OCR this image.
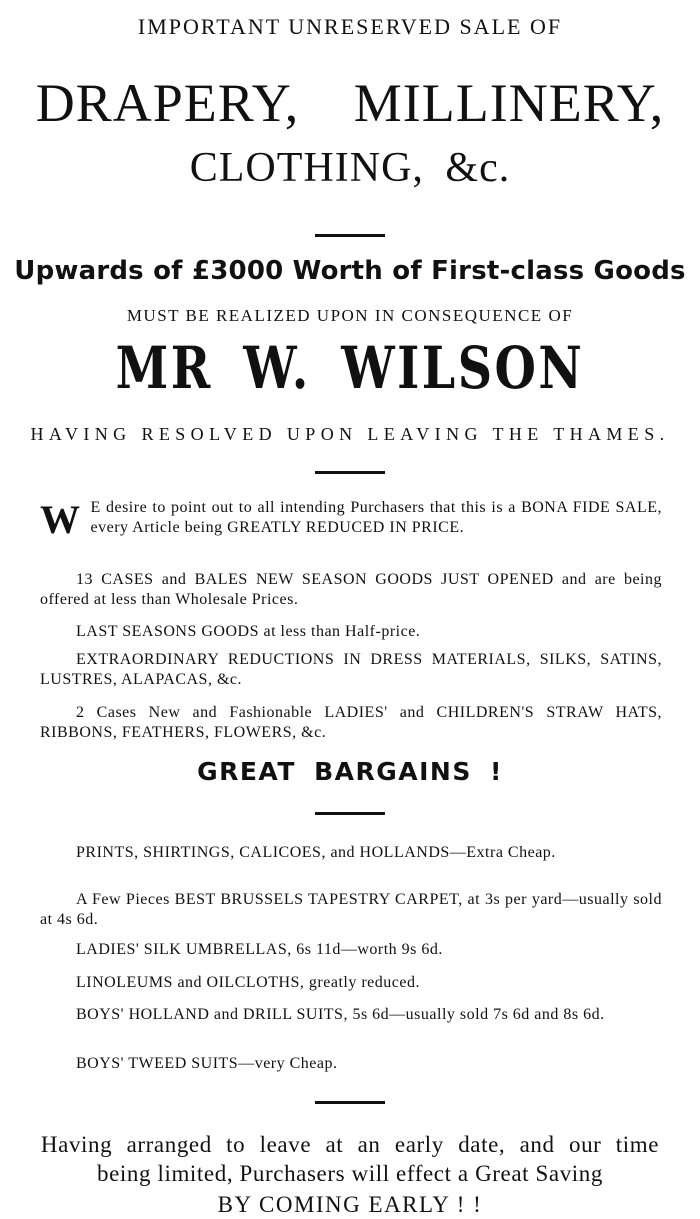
IMPORTANT UNRESERVED SALE OF
DRAPERY, MILLINERY,
CLOTHING, &c.
Upwards of £3000 Worth of First-class Goods
MUST BE REALIZED UPON IN CONSEQUENCE OF
MR W. WILSON
HAVING RESOLVED UPON LEAVING THE THAMES.
W E desire to point out to all intending Purchasers that this is a BONA FIDE SALE, every Article being GREATLY REDUCED IN PRICE.
13 CASES and BALES NEW SEASON GOODS JUST OPENED and are being offered at less than Wholesale Prices.
LAST SEASONS GOODS at less than Half-price.
EXTRAORDINARY REDUCTIONS IN DRESS MATERIALS, SILKS, SATINS, LUSTRES, ALAPACAS, &c.
2 Cases New and Fashionable LADIES' and CHILDREN'S STRAW HATS, RIBBONS, FEATHERS, FLOWERS, &c.
GREAT BARGAINS !
PRINTS, SHIRTINGS, CALICOES, and HOLLANDS—Extra Cheap.
A Few Pieces BEST BRUSSELS TAPESTRY CARPET, at 3s per yard—usually sold at 4s 6d.
LADIES' SILK UMBRELLAS, 6s 11d—worth 9s 6d.
LINOLEUMS and OILCLOTHS, greatly reduced.
BOYS' HOLLAND and DRILL SUITS, 5s 6d—usually sold 7s 6d and 8s 6d.
BOYS' TWEED SUITS—very Cheap.
Having arranged to leave at an early date, and our time
being limited, Purchasers will effect a Great Saving
BY COMING EARLY ! !
